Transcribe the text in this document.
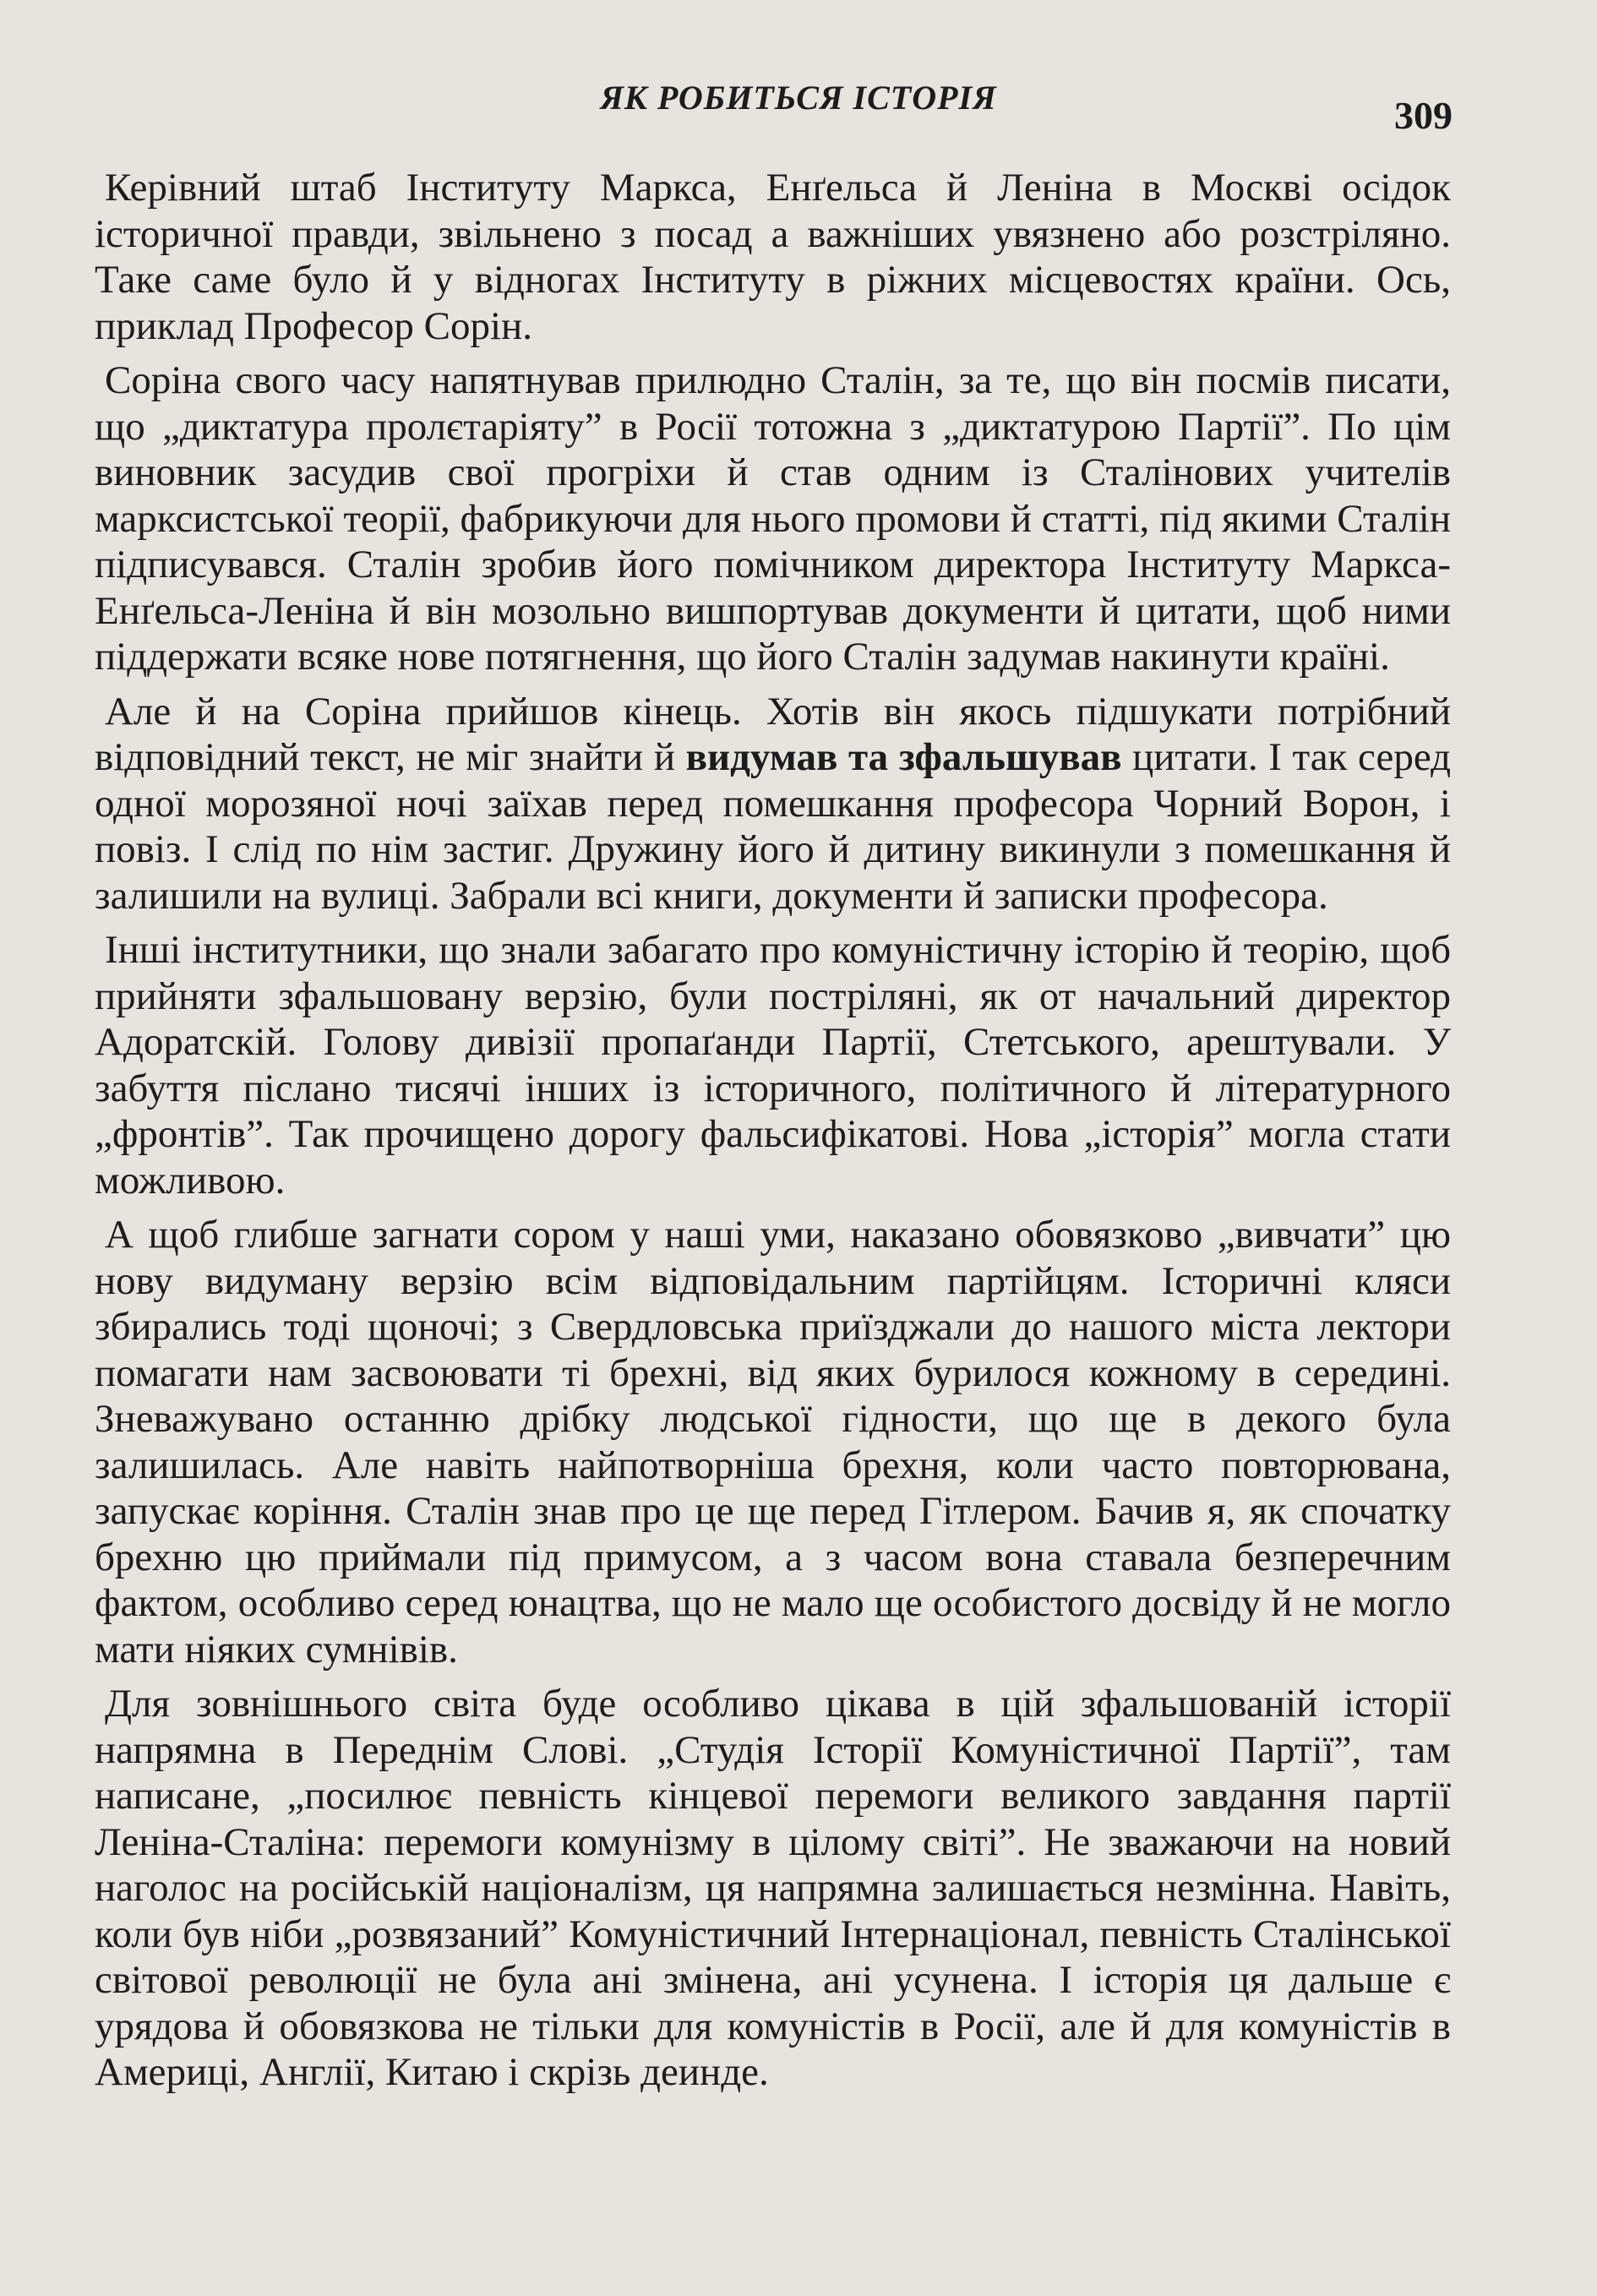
ЯК РОБИТЬСЯ ІСТОРІЯ	309

Керівний штаб Інституту Маркса, Енґельса й Леніна в Москві осідок історичної правди, звільнено з посад а важніших увязнено або розстріляно. Таке саме було й у віднoгах Інституту в ріжних місцевостях країни. Ось, приклад Професор Сорін.

Соріна свого часу напятнував прилюдно Сталін, за те, що він посмів писати, що „диктатура пролєтаріяту” в Росії тотожна з „диктатурою Партії”. По цім виновник засудив свої прогріхи й став одним із Сталінових учителів марксистської теорії, фабрикуючи для нього промови й статті, під якими Сталін підписувався. Сталін зробив його помічником директора Інституту Маркса-Енґельса-Леніна й він мозольно вишпортував документи й цитати, щоб ними піддержати всяке нове потягнення, що його Сталін задумав накинути країні.

Але й на Соріна прийшов кінець. Хотів він якось підшукати потрібний відповідний текст, не міг знайти й видумав та зфальшував цитати. І так серед одної морозяної ночі заїхав перед помешкання професора Чорний Ворон, і повіз. І слід по нім застиг. Дружину його й дитину викинули з помешкання й залишили на вулиці. Забрали всі книги, документи й записки професора.

Інші інститутники, що знали забагато про комуністичну історію й теорію, щоб прийняти зфальшовану верзію, були постріляні, як от начальний директор Адоратскій. Голову дивізії пропаґанди Партії, Стетського, арештували. У забуття післано тисячі інших із історичного, політичного й літературного „фронтів”. Так прочищено дорогу фальсифікатові. Нова „історія” могла стати можливою.

А щоб глибше загнати сором у наші уми, наказано обовязково „вивчати” цю нову видуману верзію всім відповідальним партійцям. Історичні кляси збирались тоді щоночі; з Свердловська приїзджали до нашого міста лектори помагати нам засвоювати ті брехні, від яких бурилося кожному в середині. Зневажувано останню дрібку людської гідности, що ще в декого була залишилась. Але навіть найпотворніша брехня, коли часто повторювана, запускає коріння. Сталін знав про це ще перед Гітлером. Бачив я, як спочатку брехню цю приймали під примусом, а з часом вона ставала безперечним фактом, особливо серед юнацтва, що не мало ще особистого досвіду й не могло мати ніяких сумнівів.

Для зовнішнього світа буде особливо цікава в цій зфальшованій історії напрямна в Переднім Слові. „Студія Історії Комуністичної Партії”, там написане, „посилює певність кінцевої перемоги великого завдання партії Леніна-Сталіна: перемоги комунізму в цілому світі”. Не зважаючи на новий наголос на російській націоналізм, ця напрямна залишається незмінна. Навіть, коли був ніби „розвязаний” Комуністичний Інтернаціонал, певність Сталінської світової революції не була ані змінена, ані усунена. І історія ця дальше є урядова й обовязкова не тільки для комуністів в Росії, але й для комуністів в Америці, Англії, Китаю і скрізь деинде.
